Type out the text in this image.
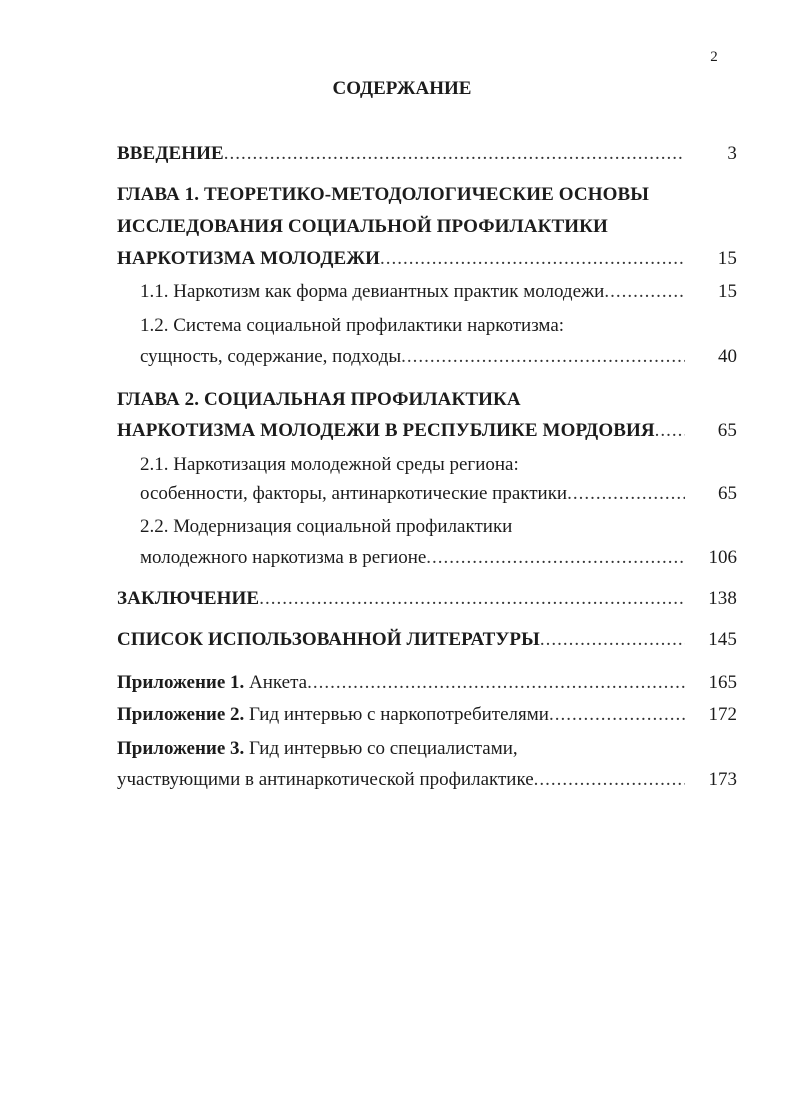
2
СОДЕРЖАНИЕ
ВВЕДЕНИЕ .....	3
ГЛАВА 1. ТЕОРЕТИКО-МЕТОДОЛОГИЧЕСКИЕ ОСНОВЫ
ИССЛЕДОВАНИЯ СОЦИАЛЬНОЙ ПРОФИЛАКТИКИ
НАРКОТИЗМА МОЛОДЕЖИ .....	15
1.1. Наркотизм как форма девиантных практик молодежи .....	15
1.2. Система социальной профилактики наркотизма:
сущность, содержание, подходы .....	40
ГЛАВА 2. СОЦИАЛЬНАЯ ПРОФИЛАКТИКА
НАРКОТИЗМА МОЛОДЕЖИ В РЕСПУБЛИКЕ МОРДОВИЯ .....	65
2.1. Наркотизация молодежной среды региона:
особенности, факторы, антинаркотические практики .....	65
2.2. Модернизация социальной профилактики
молодежного наркотизма в регионе .....	106
ЗАКЛЮЧЕНИЕ .....	138
СПИСОК ИСПОЛЬЗОВАННОЙ ЛИТЕРАТУРЫ .....	145
Приложение 1. Анкета .....	165
Приложение 2. Гид интервью с наркопотребителями .....	172
Приложение 3. Гид интервью со специалистами,
участвующими в антинаркотической профилактике .....	173
